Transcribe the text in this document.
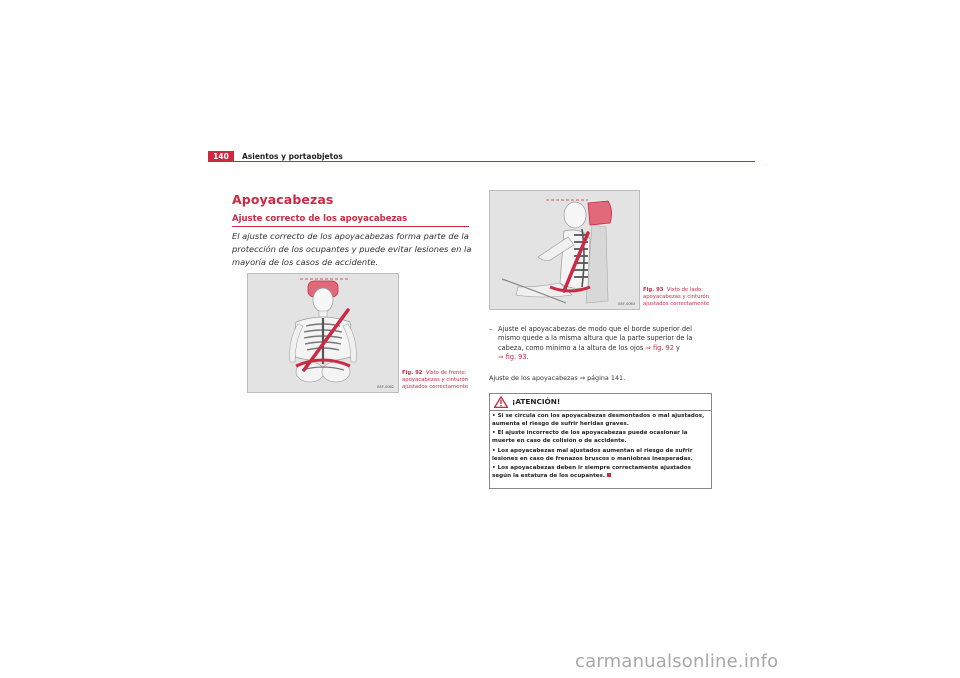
140	Asientos y portaobjetos
Apoyacabezas
Ajuste correcto de los apoyacabezas
El ajuste correcto de los apoyacabezas forma parte de la protección de los ocupantes y puede evitar lesiones en la mayoría de los casos de accidente.
B5F-0062
Fig. 92 Visto de frente: apoyacabezas y cinturón ajustados correctamente
B5F-0063
Fig. 93 Visto de lado: apoyacabezas y cinturón ajustados correctamente
– Ajuste el apoyacabezas de modo que el borde superior del mismo quede a la misma altura que la parte superior de la cabeza, como mínimo a la altura de los ojos ⇒ fig. 92 y
⇒ fig. 93.
Ajuste de los apoyacabezas ⇒ página 141.
¡ATENCIÓN!
• Si se circula con los apoyacabezas desmontados o mal ajustados, aumenta el riesgo de sufrir heridas graves.
• El ajuste incorrecto de los apoyacabezas puede ocasionar la muerte en caso de colisión o de accidente.
• Los apoyacabezas mal ajustados aumentan el riesgo de sufrir lesiones en caso de frenazos bruscos o maniobras inesperadas.
• Los apoyacabezas deben ir siempre correctamente ajustados según la estatura de los ocupantes.
carmanualsonline.info
